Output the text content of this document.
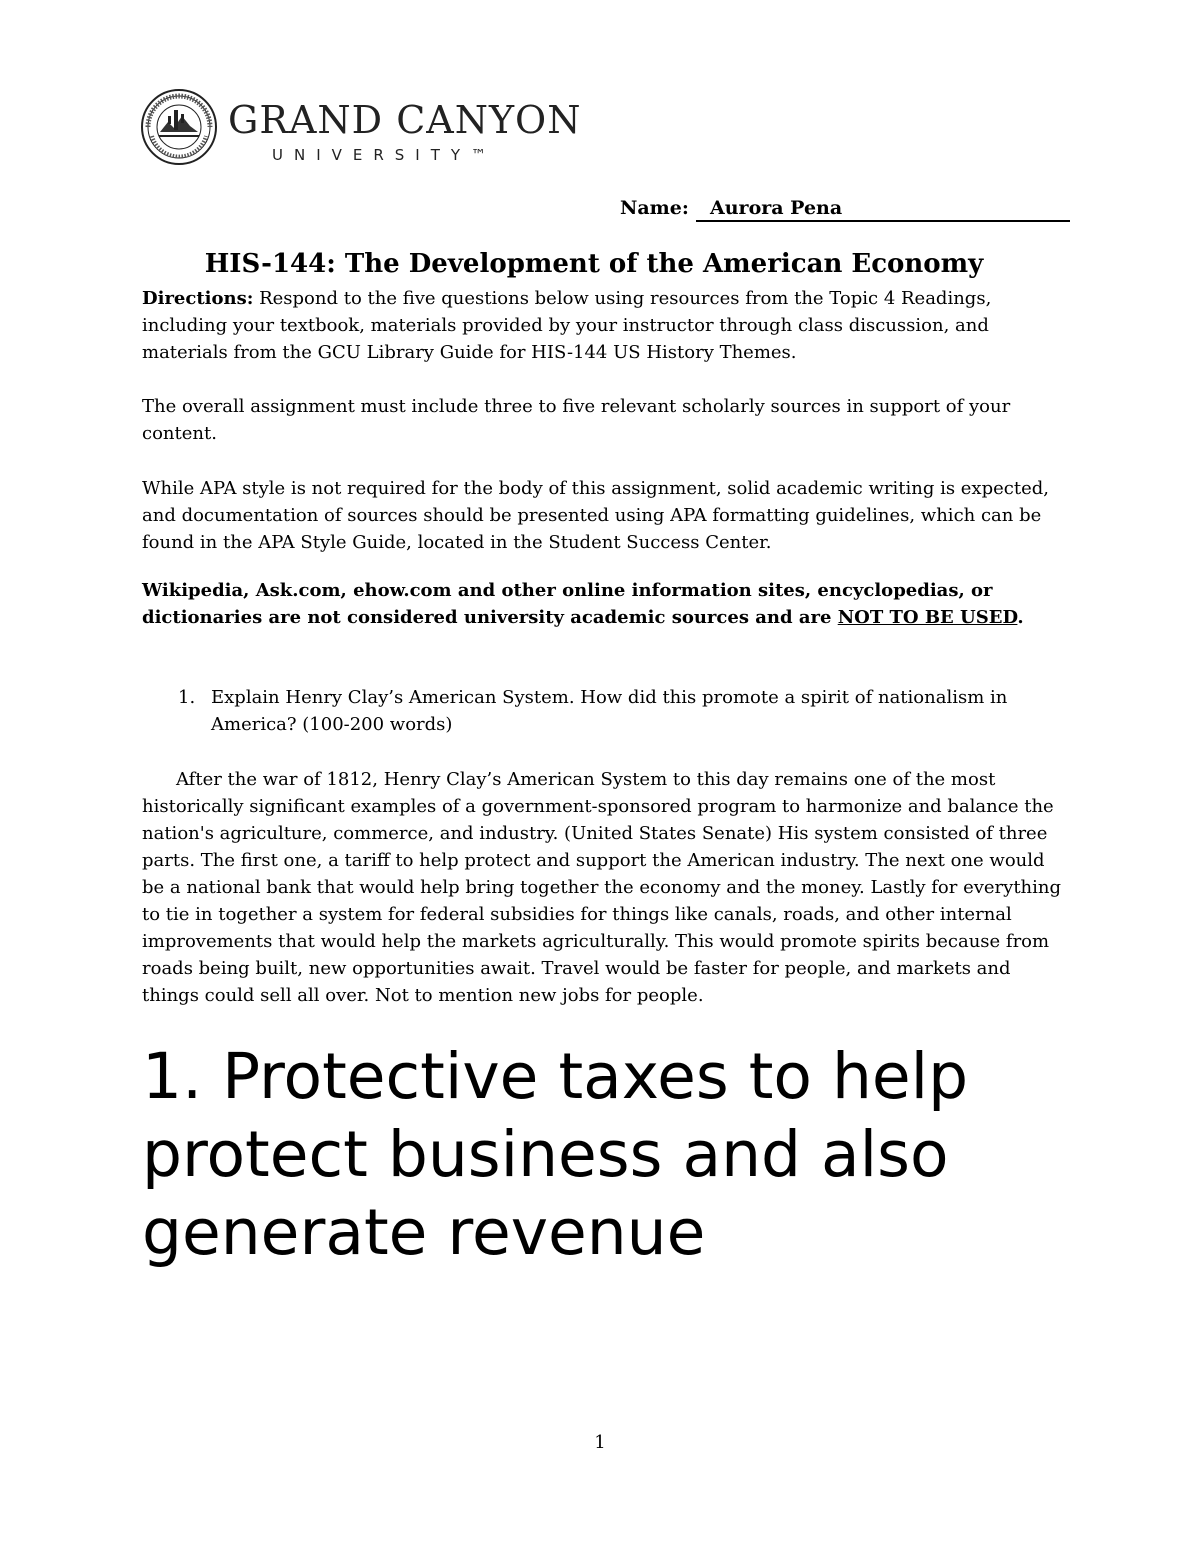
GRAND CANYON
UNIVERSITY™
Name:	Aurora Pena
HIS-144: The Development of the American Economy
Directions: Respond to the five questions below using resources from the Topic 4 Readings, including your textbook, materials provided by your instructor through class discussion, and materials from the GCU Library Guide for HIS-144 US History Themes.
The overall assignment must include three to five relevant scholarly sources in support of your content.
While APA style is not required for the body of this assignment, solid academic writing is expected, and documentation of sources should be presented using APA formatting guidelines, which can be found in the APA Style Guide, located in the Student Success Center.
Wikipedia, Ask.com, ehow.com and other online information sites, encyclopedias, or dictionaries are not considered university academic sources and are NOT TO BE USED.
1. Explain Henry Clay’s American System. How did this promote a spirit of nationalism in America? (100-200 words)
After the war of 1812, Henry Clay’s American System to this day remains one of the most historically significant examples of a government-sponsored program to harmonize and balance the nation's agriculture, commerce, and industry. (United States Senate) His system consisted of three parts. The first one, a tariff to help protect and support the American industry. The next one would be a national bank that would help bring together the economy and the money. Lastly for everything to tie in together a system for federal subsidies for things like canals, roads, and other internal improvements that would help the markets agriculturally. This would promote spirits because from roads being built, new opportunities await. Travel would be faster for people, and markets and things could sell all over. Not to mention new jobs for people.
1. Protective taxes to help protect business and also generate revenue
1
